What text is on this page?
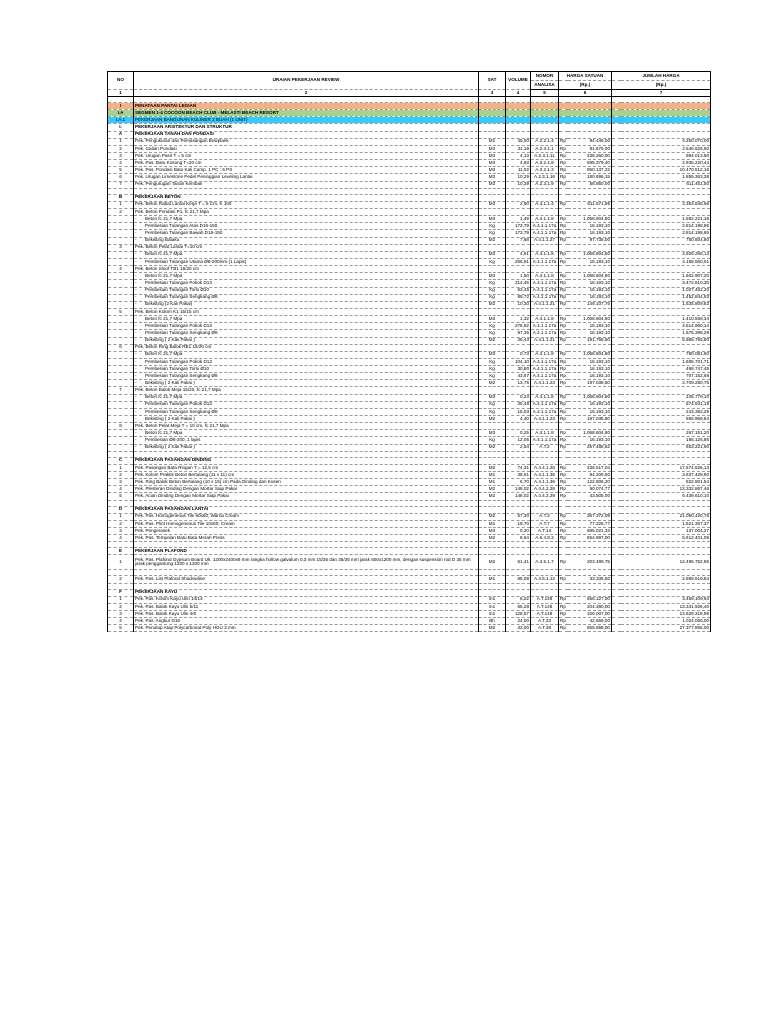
NO	URAIAN PEKERJAAN REVIEW	SAT	VOLUME	NOMOR	HARGA SATUAN		JUMLAH HARGA	
				ANALISA	(Rp.)		(Rp.)	
1	2	3	4	5	6		7	

I	PENATAAN PANTAI LEGIAN							
I.A	SEGMEN 1-4 COCOON BEACH CLUB - MELASTI BEACH RESORT							
I.A.1	PEKERJAAN BANGUNAN KULINER 2 BUAH (1 UNIT)							
I.	PEKERJAAN ARSITEKTUR DAN STRUKTUR							
A	PEKERJAAN TANAH DAN PONDASI							
1	Pek. Pengukuran dan Pemasangan Bowplank	M1	45,00	A.2.2.1.4	Rp	94.446,00		4.250.070,00
2	Pek. Galian Pondasi	M3	31,18	A.2.3.1.1	Rp	81.675,00		2.546.626,50
3	Pek. Urugan Pasir T = 5 cm	M3	4,13	A.2.3.1.11	Rp	238.260,00		984.013,80
4	Pek. Pas. Batu Kosong T=20 cm	M3	4,93	A.3.2.1.9	Rp	595.379,40		2.935.220,44
5	Pek. Pas. Pondasi Batu Kali Camp. 1 PC : 5 PS	M3	11,02	A.3.2.1.3	Rp	950.137,22		10.470.512,16
6	Pek. Urugan Limestone Pedel Peninggian Leveling Lantai	M3	10,29	A.2.3.1.16	Rp	180.696,15		1.859.363,38
7	Pek. Pengurugan Tanah Kembali	M3	10,39	A.2.3.1.9	Rp	58.850,00		611.451,50

B	PEKERJAAN BETON							
1	Pek. Beton Rabat Lantai Kerja T = 5 Cm, K 100	M3	2,90	A.4.1.1.4	Rp	811.671,95		2.353.848,66
2	Pek. Beton Pondasi P1, fc 21,7 Mpa							
	- Beton fc 21,7 Mpa	M3	1,49	A.4.1.1.8	Rp	1.068.604,80		1.592.221,15
	- Pembesian Tulangan Atas D16-150	Kg	173,79	A.4.1.1.17a	Rp	16.193,10		2.814.198,85
	- Pembesian Tulangan Bawah D16-150	Kg	173,79	A.4.1.1.17a	Rp	16.193,10		2.814.198,85
	- Bekisting Batako	M2	7,68	A.4.1.1.27	Rp	97.735,00		750.604,80
3	Pek. Beton Pelat Lantai T=10 cm							
	- Beton fc 21,7 Mpa	M3	4,61	A.4.1.1.8	Rp	1.068.604,80		4.926.268,13
	- Pembesian Tulangan Utama Ø8-200mm (1 Lapis)	Kg	256,81	A.4.1.1.17a	Rp	16.193,10		4.158.550,01
4	Pek. Beton Sloof TB1 15/20 cm							
	- Beton fc 21,7 Mpa	M3	1,50	A.4.1.1.8	Rp	1.068.604,80		1.602.907,20
	- Pembesian Tulangan Pokok D13	Kg	214,45	A.4.1.1.17a	Rp	16.193,10		3.472.610,30
	- Pembesian Tulangan Torsi Ø10	Kg	63,45	A.4.1.1.17a	Rp	16.193,10		1.027.452,20
	- Pembesian Tulangan Sengkang Ø8	Kg	89,72	A.4.1.1.17a	Rp	16.193,10		1.452.844,93
	- Bekisting (2 Kali Pakai)	M2	10,30	A.4.1.1.21	Rp	149.107,75		1.535.809,83
5	Pek. Beton Kolom K1 15/15 cm							
	- Beton fc 21,7 Mpa	M3	1,32	A.4.1.1.8	Rp	1.068.604,80		1.410.558,34
	- Pembesian Tulangan Pokok D13	Kg	278,82	A.4.1.1.17a	Rp	16.193,10		4.514.960,14
	- Pembesian Tulangan Sengkang Ø8	Kg	97,35	A.4.1.1.17a	Rp	16.193,10		1.576.398,29
	- Bekisting ( 2 Kali Pakai )	M2	36,43	A.4.1.1.21	Rp	191.758,60		6.985.765,80
6	Pek. Beton Ring Balok RB1 15/20 cm							
	- Beton fc 21,7 Mpa	M3	0,73	A.4.1.1.8	Rp	1.068.604,80		780.081,50
	- Pembesian Tulangan Pokok D13	Kg	104,10	A.4.1.1.17a	Rp	16.193,10		1.685.701,71
	- Pembesian Tulangan Torsi Ø10	Kg	30,80	A.4.1.1.17a	Rp	16.193,10		498.747,48
	- Pembesian Tulangan Sengkang Ø8	Kg	43,67	A.4.1.1.17a	Rp	16.193,10		707.152,68
	- Bekisting ( 2 Kali Pakai )	M2	13,75	A.4.1.1.23	Rp	197.038,60		2.709.280,75
7	Pek. Beton Balok Meja 15/20, fc 21,7 Mpa							
	- Beton fc 21,7 Mpa	M3	0,23	A.4.1.1.8	Rp	1.068.604,80		245.779,10
	- Pembesian Tulangan Pokok D13	Kg	35,48	A.4.1.1.17a	Rp	16.193,10		574.531,19
	- Pembesian Tulangan Sengkang Ø8	Kg	15,03	A.4.1.1.17a	Rp	16.193,10		243.382,29
	- Bekisting ( 2 Kali Pakai )	M2	4,40	A.4.1.1.23	Rp	197.038,60		866.969,84
8	Pek. Beton Pelat Meja T = 10 cm, fc 21,7 Mpa							
	- Beton fc 21,7 Mpa	M3	0,25	A.4.1.1.8	Rp	1.068.604,80		267.151,20
	- Pembesian Ø8-200, 1 lapis	Kg	12,05	A.4.1.1.17a	Rp	16.193,10		195.126,86
	- Bekisting ( 2 Kali Pakai )	M2	2,54	A.T.2	Rp	257.488,62		653.221,60

C	PEKERJAAN PASANGAN DINDING							
1	Pek. Pasangan Bata Ringan T = 12,5 cm	M2	74,31	A.4.4.1.26	Rp	236.517,04		17.574.626,13
2	Pek. Kolom Praktis Beton Bertulang (11 x 11) cm	M1	38,61	A.4.1.1.35	Rp	94.209,50		3.637.428,80
3	Pek. Ring Balok Beton Bertulang (10 x 15) cm Pada Dinding dan Kusen	M1	6,70	A.4.1.1.36	Rp	122.806,20		822.801,54
4	Pek. Plesteran Dinding Dengan Mortar Siap Pakai	M2	148,02	A.4.4.2.28	Rp	90.074,77		13.332.867,46
5	Pek. Acian Dinding Dengan Mortar Siap Pakai	M2	148,02	A.4.4.2.29	Rp	43.505,00		6.439.610,10

D	PEKERJAAN PASANGAN LANTAI							
1	Pek. Pas. Homogeneous Tile 60x60; Warna Cream	M2	57,30	A.T.3	Rp	367.372,09		21.050.420,76
2	Pek. Pas. Plint Homogeneous Tile 10x60; Cream	M1	19,70	A.T.7	Rp	77.226,77		1.521.367,37
3	Pek. Pengerasek	M3	0,20	A.T.14	Rp	685.021,33		137.004,27
4	Pek. Pas. Tempelan Batu Bata Merah Press	M2	8,64	A.6.4.8.3	Rp	654.887,00		5.612.401,08

E	PEKERJAAN PLAFOND							
1	Pek. Pas. Plafond Gypsum Board Uk. 1200x2400x9 mm rangka hollow galvalum 0,3 mm 15/35 dan 35/35 mm jarak 600x1200 mm, dengan suspension rod D 35 mm jarak penggantung 1200 x 1200 mm	M2	61,41	A.4.5.1.7	Rp	203.489,75		12.495.752,86

2	Pek. Pas. List Plafond Shadowline	M1	86,08	A.4.5.1.12	Rp	33.335,50		2.869.519,84

F	PEKERJAAN KAYU							
1	Pek. Pas. Kolom Kayu Ulin 14/14	m1	6,22	A.T.149	Rp	556.127,00		3.459.109,94
2	Pek. Pas. Balok Kayu Ulin 5/11	m1	65,28	A.T.148	Rp	204.380,00		13.341.926,40
3	Pek. Pas. Balok Kayu Ulin 4/6	m1	128,57	A.T.148	Rp	106.007,00		13.629.319,99
4	Pek. Pas. Angkur D16	Bh	24,00	A.T.33	Rp	42.669,00		1.024.056,00
5	Pek. Penutup Atap Polycarbonat Poly HGU 3 mm	M2	32,00	A.T.38	Rp	855.558,00		27.377.856,00
